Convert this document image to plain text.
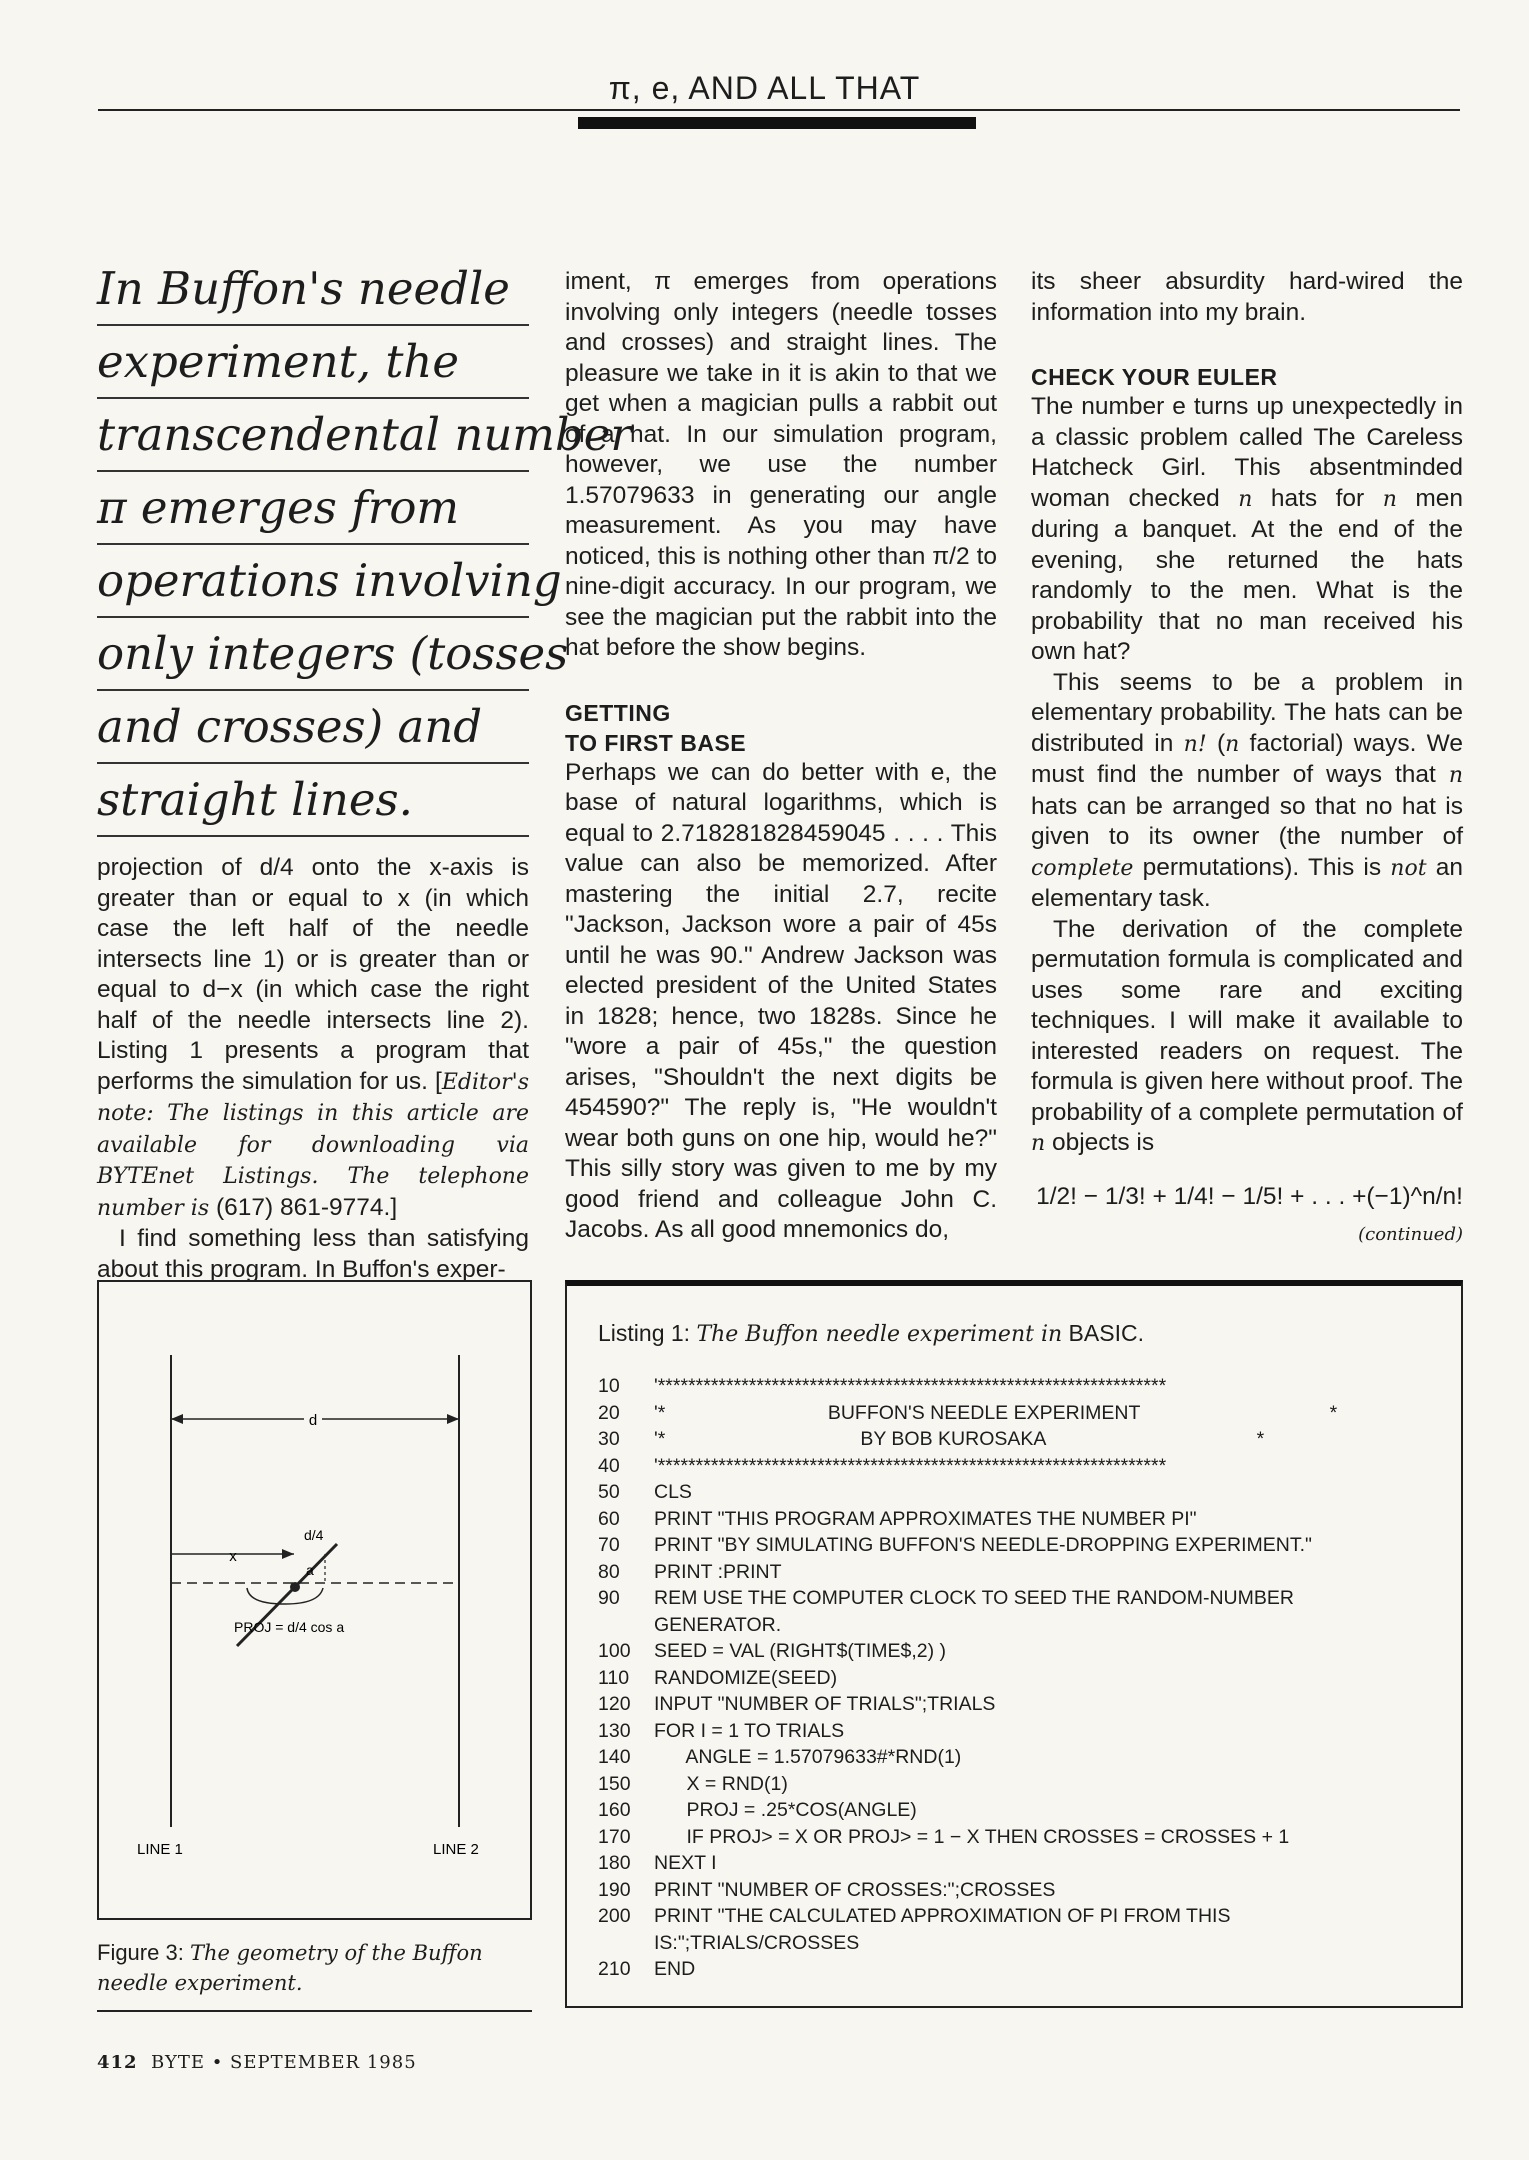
π, e, AND ALL THAT
In Buffon's needle
experiment, the
transcendental number
π emerges from
operations involving
only integers (tosses
and crosses) and
straight lines.

projection of d/4 onto the x-axis is greater than or equal to x (in which case the left half of the needle intersects line 1) or is greater than or equal to d−x (in which case the right half of the needle intersects line 2). Listing 1 presents a program that performs the simulation for us. [Editor's note: The listings in this article are available for downloading via BYTEnet Listings. The telephone number is (617) 861-9774.]

I find something less than satisfying about this program. In Buffon's exper-

iment, π emerges from operations involving only integers (needle tosses and crosses) and straight lines. The pleasure we take in it is akin to that we get when a magician pulls a rabbit out of a hat. In our simulation program, however, we use the number 1.57079633 in generating our angle measurement. As you may have noticed, this is nothing other than π/2 to nine-digit accuracy. In our program, we see the magician put the rabbit into the hat before the show begins.

GETTING
TO FIRST BASE

Perhaps we can do better with e, the base of natural logarithms, which is equal to 2.718281828459045 . . . . This value can also be memorized. After mastering the initial 2.7, recite "Jackson, Jackson wore a pair of 45s until he was 90." Andrew Jackson was elected president of the United States in 1828; hence, two 1828s. Since he "wore a pair of 45s," the question arises, "Shouldn't the next digits be 454590?" The reply is, "He wouldn't wear both guns on one hip, would he?" This silly story was given to me by my good friend and colleague John C. Jacobs. As all good mnemonics do,

its sheer absurdity hard-wired the information into my brain.

CHECK YOUR EULER

The number e turns up unexpectedly in a classic problem called The Careless Hatcheck Girl. This absentminded woman checked n hats for n men during a banquet. At the end of the evening, she returned the hats randomly to the men. What is the probability that no man received his own hat?

This seems to be a problem in elementary probability. The hats can be distributed in n! (n factorial) ways. We must find the number of ways that n hats can be arranged so that no hat is given to its owner (the number of complete permutations). This is not an elementary task.

The derivation of the complete permutation formula is complicated and uses some rare and exciting techniques. I will make it available to interested readers on request. The formula is given here without proof. The probability of a complete permutation of n objects is

1/2! − 1/3! + 1/4! − 1/5! + . . . +(−1)^n/n!

(continued)

d
x
d/4
a
PROJ = d/4 cos a
LINE 1	LINE 2
Figure 3: The geometry of the Buffon needle experiment.
Listing 1: The Buffon needle experiment in BASIC.
10	'*******************************************************************
20	'*                              BUFFON'S NEEDLE EXPERIMENT                                   *
30	'*                                    BY BOB KUROSAKA                                       *
40	'*******************************************************************
50	CLS
60	PRINT "THIS PROGRAM APPROXIMATES THE NUMBER PI"
70	PRINT "BY SIMULATING BUFFON'S NEEDLE-DROPPING EXPERIMENT."
80	PRINT :PRINT
90	REM USE THE COMPUTER CLOCK TO SEED THE RANDOM-NUMBER
GENERATOR.
100	SEED = VAL (RIGHT$(TIME$,2) )
110	RANDOMIZE(SEED)
120	INPUT "NUMBER OF TRIALS";TRIALS
130	FOR I = 1 TO TRIALS
140	ANGLE = 1.57079633#*RND(1)
150	X = RND(1)
160	PROJ = .25*COS(ANGLE)
170	IF PROJ> = X OR PROJ> = 1 − X THEN CROSSES = CROSSES + 1
180	NEXT I
190	PRINT "NUMBER OF CROSSES:";CROSSES
200	PRINT "THE CALCULATED APPROXIMATION OF PI FROM THIS
IS:";TRIALS/CROSSES
210	END
412 BYTE • SEPTEMBER 1985
